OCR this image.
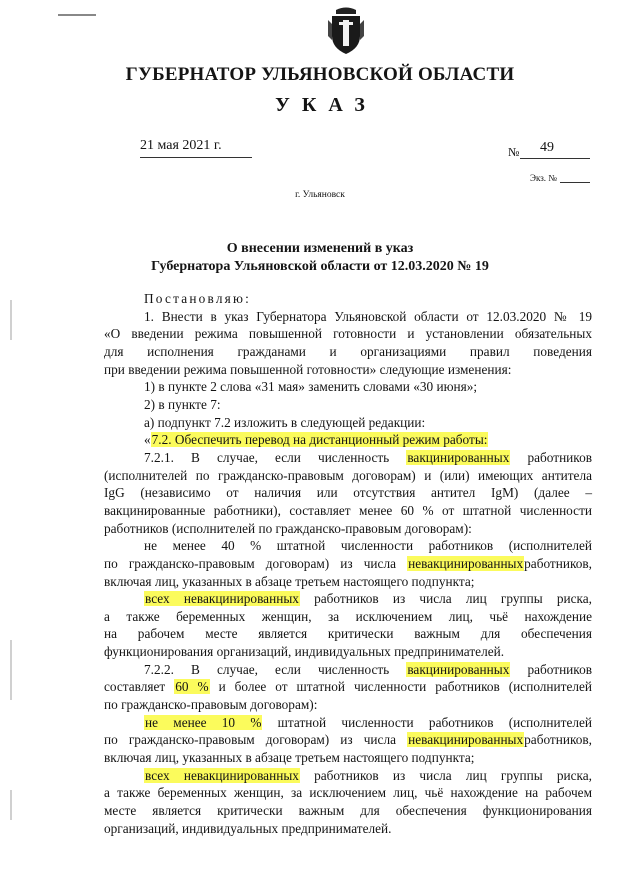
ГУБЕРНАТОР УЛЬЯНОВСКОЙ ОБЛАСТИ
УКАЗ
21 мая 2021 г.	№ 49
Экз. №
г. Ульяновск
О внесении изменений в указ
Губернатора Ульяновской области от 12.03.2020 № 19

Постановляю:

1. Внести в указ Губернатора Ульяновской области от 12.03.2020 № 19

«О введении режима повышенной готовности и установлении обязательных

для исполнения гражданами и организациями правил поведения

при введении режима повышенной готовности» следующие изменения:

1) в пункте 2 слова «31 мая» заменить словами «30 июня»;

2) в пункте 7:

а) подпункт 7.2 изложить в следующей редакции:

«7.2. Обеспечить перевод на дистанционный режим работы:

7.2.1. В случае, если численность вакцинированных работников

(исполнителей по гражданско-правовым договорам) и (или) имеющих антитела

IgG (независимо от наличия или отсутствия антител IgM) (далее –

вакцинированные работники), составляет менее 60 % от штатной численности

работников (исполнителей по гражданско-правовым договорам):

не менее 40 % штатной численности работников (исполнителей

по гражданско-правовым договорам) из числа невакцинированныхработников,

включая лиц, указанных в абзаце третьем настоящего подпункта;

всех невакцинированных работников из числа лиц группы риска,

а также беременных женщин, за исключением лиц, чьё нахождение

на рабочем месте является критически важным для обеспечения

функционирования организаций, индивидуальных предпринимателей.

7.2.2. В случае, если численность вакцинированных работников

составляет 60 % и более от штатной численности работников (исполнителей

по гражданско-правовым договорам):

не менее 10 % штатной численности работников (исполнителей

по гражданско-правовым договорам) из числа невакцинированныхработников,

включая лиц, указанных в абзаце третьем настоящего подпункта;

всех невакцинированных работников из числа лиц группы риска,

а также беременных женщин, за исключением лиц, чьё нахождение на рабочем

месте является критически важным для обеспечения функционирования

организаций, индивидуальных предпринимателей.
